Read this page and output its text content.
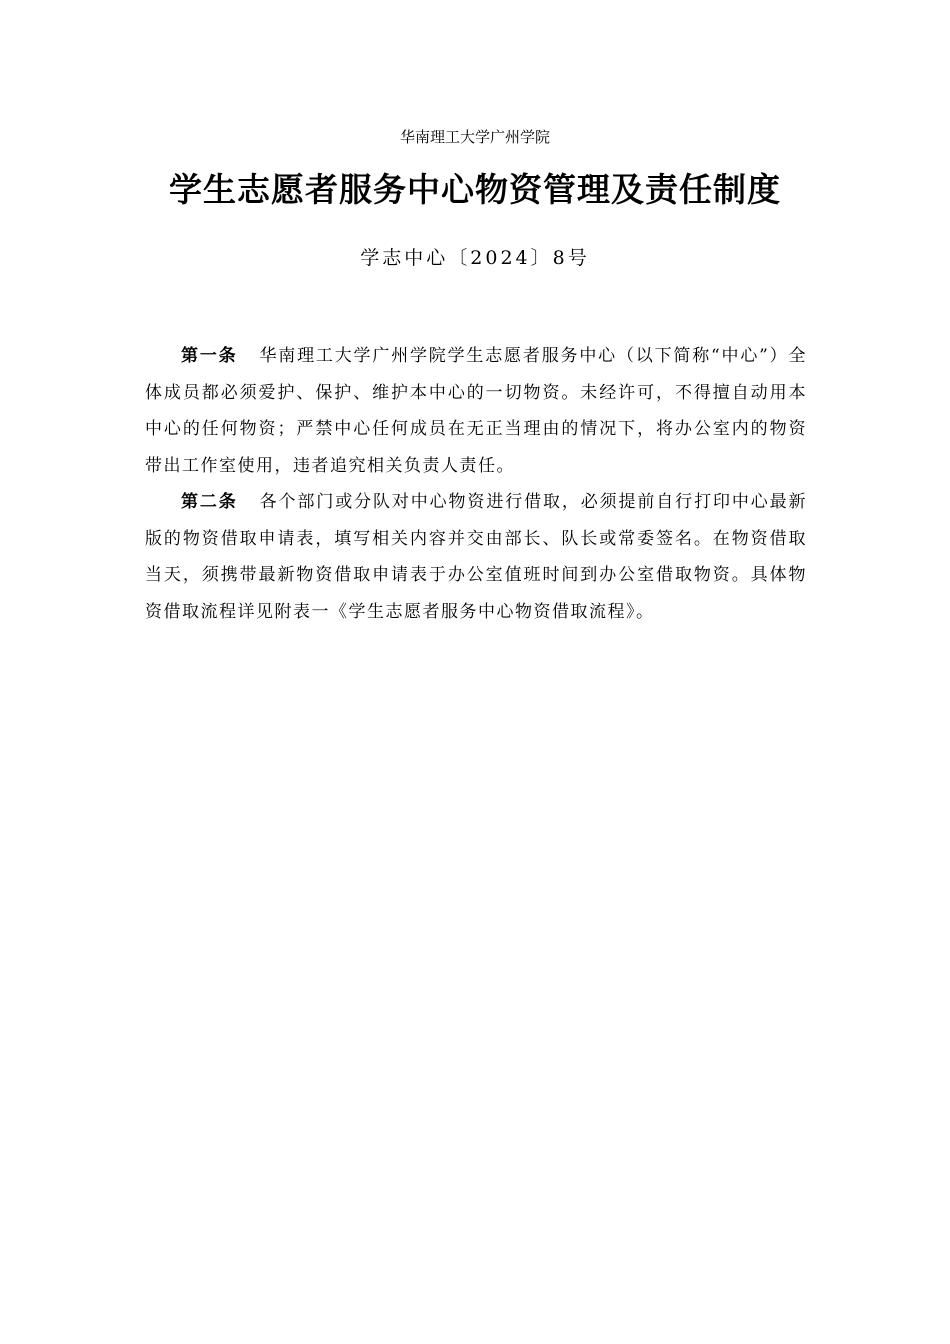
华南理工大学广州学院
学生志愿者服务中心物资管理及责任制度
学志中心〔2024〕8号

第一条 华南理工大学广州学院学生志愿者服务中心（以下简称“中心”）全体成员都必须爱护、保护、维护本中心的一切物资。未经许可，不得擅自动用本中心的任何物资；严禁中心任何成员在无正当理由的情况下，将办公室内的物资带出工作室使用，违者追究相关负责人责任。

第二条 各个部门或分队对中心物资进行借取，必须提前自行打印中心最新版的物资借取申请表，填写相关内容并交由部长、队长或常委签名。在物资借取当天，须携带最新物资借取申请表于办公室值班时间到办公室借取物资。具体物资借取流程详见附表一《学生志愿者服务中心物资借取流程》。
